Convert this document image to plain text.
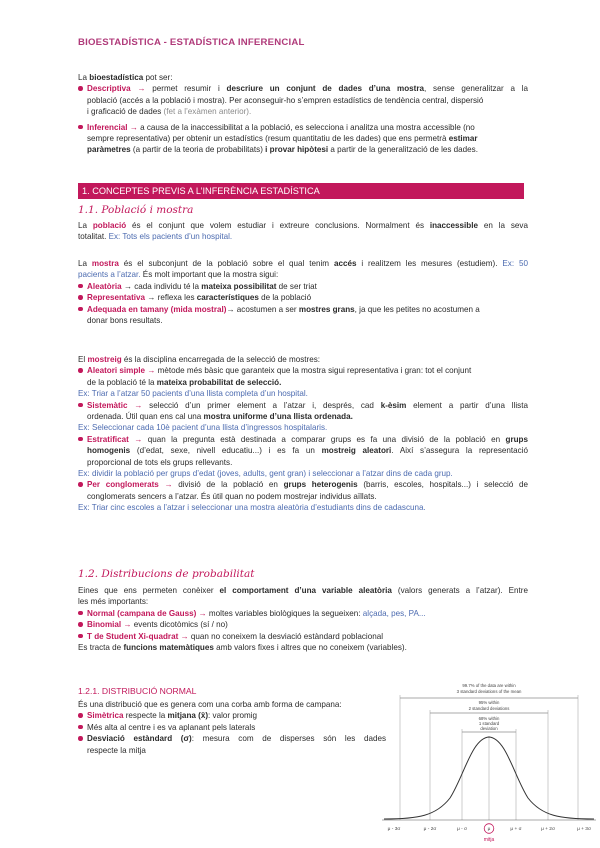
BIOESTADÍSTICA - ESTADÍSTICA INFERENCIAL
La bioestadística pot ser:
Descriptiva → permet resumir i descriure un conjunt de dades d’una mostra, sense generalitzar a la
població (accés a la població i mostra). Per aconseguir-ho s’empren estadístics de tendència central, dispersió
i graficació de dades (fet a l’exàmen anterior).
Inferencial → a causa de la inaccessibilitat a la població, es selecciona i analitza una mostra accessible (no
sempre representativa) per obtenir un estadístics (resum quantitatiu de les dades) que ens permetrà estimar
paràmetres (a partir de la teoria de probabilitats) i provar hipòtesi a partir de la generalització de les dades.
1. CONCEPTES PREVIS A L’INFERÈNCIA ESTADÍSTICA
1.1. Població i mostra
La població és el conjunt que volem estudiar i extreure conclusions. Normalment és inaccessible en la seva
totalitat. Ex: Tots els pacients d’un hospital.
La mostra és el subconjunt de la població sobre el qual tenim accés i realitzem les mesures (estudiem). Ex: 50
pacients a l’atzar. És molt important que la mostra sigui:
Aleatòria → cada individu té la mateixa possibilitat de ser triat
Representativa → reflexa les característiques de la població
Adequada en tamany (mida mostral)→ acostumen a ser mostres grans, ja que les petites no acostumen a
donar bons resultats.
El mostreig és la disciplina encarregada de la selecció de mostres:
Aleatori simple → mètode més bàsic que garanteix que la mostra sigui representativa i gran: tot el conjunt
de la població té la mateixa probabilitat de selecció.
Ex: Triar a l’atzar 50 pacients d’una llista completa d’un hospital.
Sistemàtic → selecció d’un primer element a l’atzar i, després, cad k-èsim element a partir d’una llista
ordenada. Útil quan ens cal una mostra uniforme d’una llista ordenada.
Ex: Seleccionar cada 10è pacient d’una llista d’ingressos hospitalaris.
Estratificat → quan la pregunta està destinada a comparar grups es fa una divisió de la població en grups
homogenis (d’edat, sexe, nivell educatiu...) i es fa un mostreig aleatori. Així s’assegura la representació
proporcional de tots els grups rellevants.
Ex: dividir la població per grups d’edat (joves, adults, gent gran) i seleccionar a l’atzar dins de cada grup.
Per conglomerats → divisió de la població en grups heterogenis (barris, escoles, hospitals...) i selecció de
conglomerats sencers a l’atzar. És útil quan no podem mostrejar individus aïllats.
Ex: Triar cinc escoles a l’atzar i seleccionar una mostra aleatòria d’estudiants dins de cadascuna.
1.2. Distribucions de probabilitat
Eines que ens permeten conèixer el comportament d’una variable aleatòria (valors generats a l’atzar). Entre
les més importants:
Normal (campana de Gauss) → moltes variables biològiques la segueixen: alçada, pes, PA...
Binomial → events dicotòmics (sí / no)
T de Student Xi-quadrat → quan no coneixem la desviació estàndard poblacional
Es tracta de funcions matemàtiques amb valors fixes i altres que no coneixem (variables).
1.2.1. DISTRIBUCIÓ NORMAL
És una distribució que es genera com una corba amb forma de campana:
Simètrica respecte la mitjana (x̄): valor promig
Més alta al centre i es va aplanant pels laterals
Desviació estàndard (σ): mesura com de disperses són les dades
respecte la mitja
99.7% of the data are within
3 standard deviations of the mean
95% within
2 standard deviations
68% within
1 standard
deviation
μ - 3σ	μ - 2σ	μ - σ	μ	μ + σ	μ + 2σ	μ + 3σ
mitja
